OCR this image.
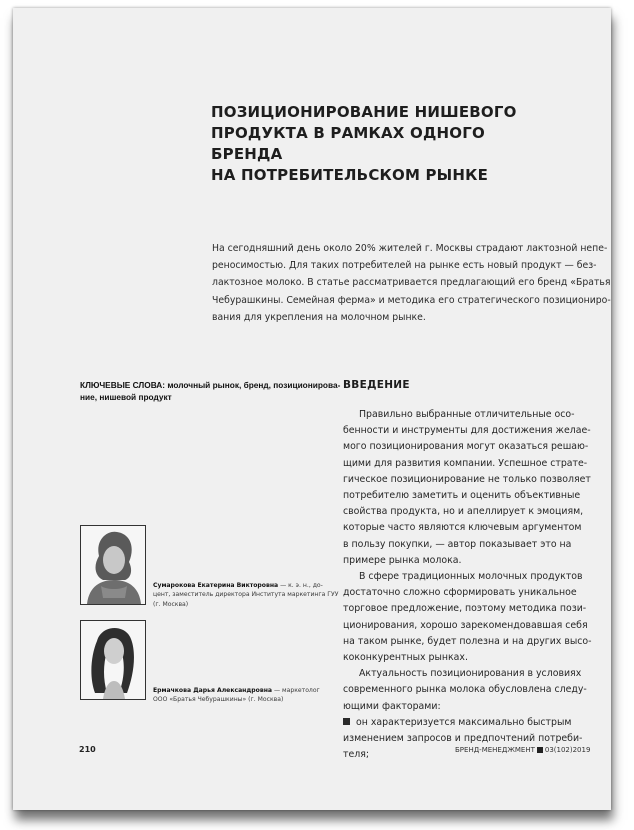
ПОЗИЦИОНИРОВАНИЕ НИШЕВОГО
ПРОДУКТА В РАМКАХ ОДНОГО БРЕНДА
НА ПОТРЕБИТЕЛЬСКОМ РЫНКЕ
На сегодняшний день около 20% жителей г. Москвы страдают лактозной непе-
реносимостью. Для таких потребителей на рынке есть новый продукт — без-
лактозное молоко. В статье рассматривается предлагающий его бренд «Братья
Чебурашкины. Семейная ферма» и методика его стратегического позициониро-
вания для укрепления на молочном рынке.
КЛЮЧЕВЫЕ СЛОВА: молочный рынок, бренд, позиционирова-
ние, нишевой продукт
ВВЕДЕНИЕ
Правильно выбранные отличительные осо-
бенности и инструменты для достижения желае-
мого позиционирования могут оказаться решаю-
щими для развития компании. Успешное страте-
гическое позиционирование не только позволяет
потребителю заметить и оценить объективные
свойства продукта, но и апеллирует к эмоциям,
которые часто являются ключевым аргументом
в пользу покупки, — автор показывает это на
примере рынка молока.
В сфере традиционных молочных продуктов
достаточно сложно сформировать уникальное
торговое предложение, поэтому методика пози-
ционирования, хорошо зарекомендовавшая себя
на таком рынке, будет полезна и на других высо-
коконкурентных рынках.
Актуальность позиционирования в условиях
современного рынка молока обусловлена следу-
ющими факторами:
он характеризуется максимально быстрым
изменением запросов и предпочтений потреби-
теля;
Сумарокова Екатерина Викторовна — к. э. н., до-
цент, заместитель директора Института маркетинга ГУУ
(г. Москва)
Ермачкова Дарья Александровна — маркетолог
ООО «Братья Чебурашкины» (г. Москва)
210	БРЕНД-МЕНЕДЖМЕНТ 03(102)2019
